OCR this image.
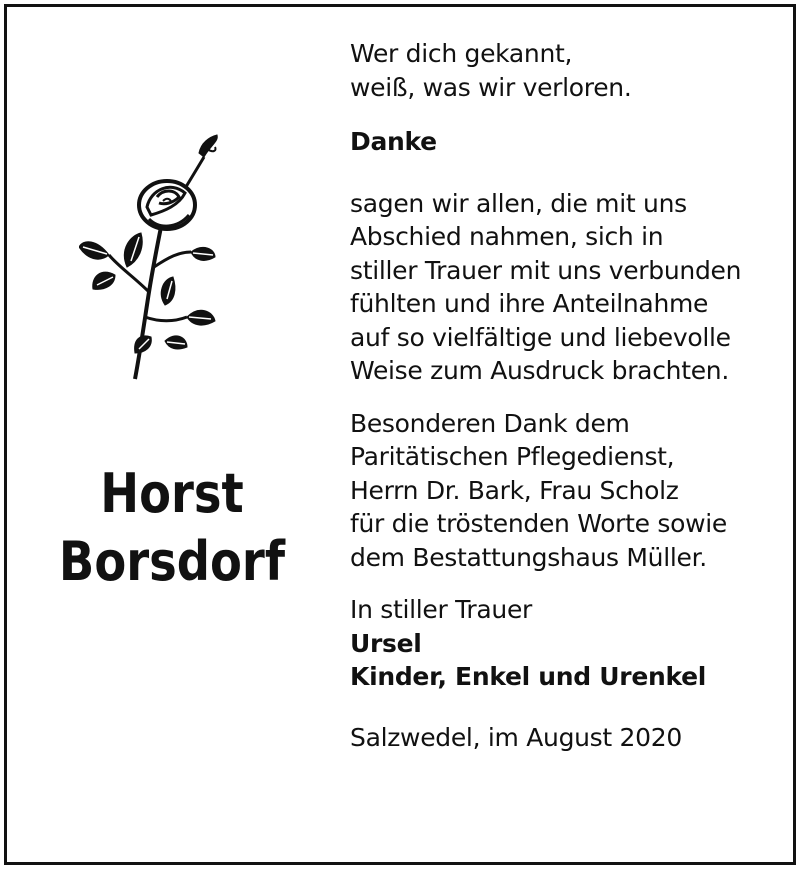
Horst
Borsdorf
Wer dich gekannt,
weiß, was wir verloren.
Danke
sagen wir allen, die mit uns
Abschied nahmen, sich in
stiller Trauer mit uns verbunden
fühlten und ihre Anteilnahme
auf so vielfältige und liebevolle
Weise zum Ausdruck brachten.
Besonderen Dank dem
Paritätischen Pflegedienst,
Herrn Dr. Bark, Frau Scholz
für die tröstenden Worte sowie
dem Bestattungshaus Müller.
In stiller Trauer
Ursel
Kinder, Enkel und Urenkel
Salzwedel, im August 2020
